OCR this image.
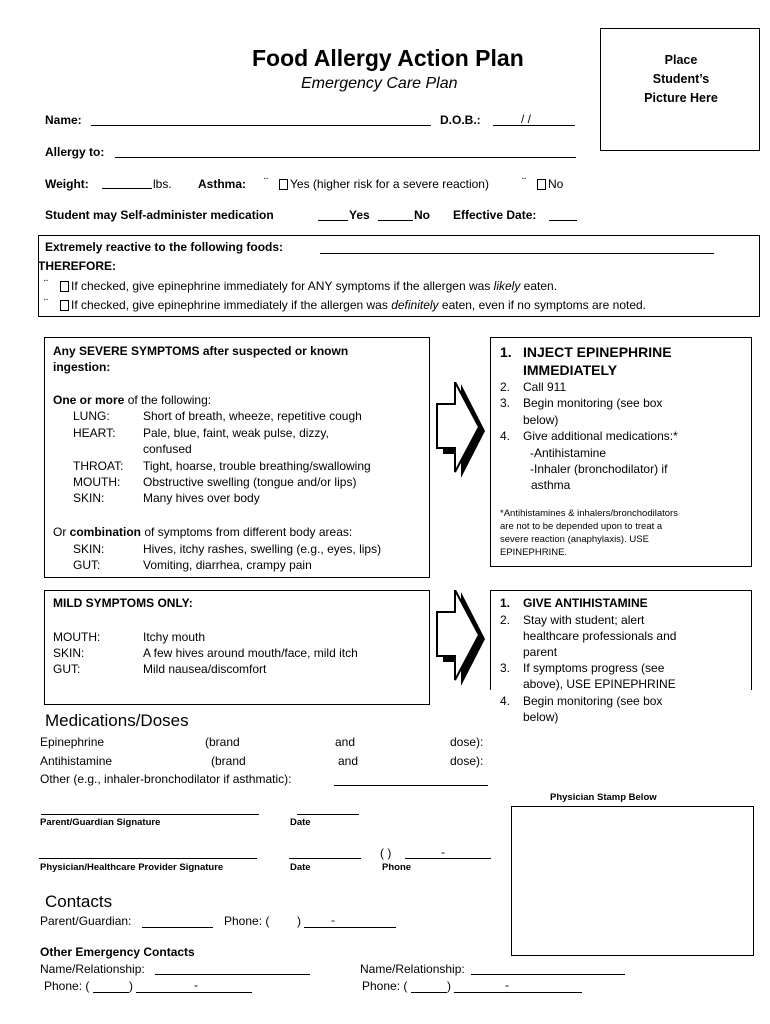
Food Allergy Action Plan
Emergency Care Plan
Place Student’s Picture Here
Name:	D.O.B.:	/ /
Allergy to:
Weight:	lbs. Asthma: ¨	Yes (higher risk for a severe reaction)	¨	No
Student may Self-administer medication	Yes	No Effective Date:
Extremely reactive to the following foods:
THEREFORE:
¨	If checked, give epinephrine immediately for ANY symptoms if the allergen was likely eaten.
¨	If checked, give epinephrine immediately if the allergen was definitely eaten, even if no symptoms are noted.
Any SEVERE SYMPTOMS after suspected or known
ingestion:
One or more of the following:
LUNG:	Short of breath, wheeze, repetitive cough
HEART: Pale, blue, faint, weak pulse, dizzy,
confused
THROAT: Tight, hoarse, trouble breathing/swallowing
MOUTH: Obstructive swelling (tongue and/or lips)
SKIN:	Many hives over body
Or combination of symptoms from different body areas:
SKIN:	Hives, itchy rashes, swelling (e.g., eyes, lips)
GUT:	Vomiting, diarrhea, crampy pain
1. INJECT EPINEPHRINE
IMMEDIATELY
2. Call 911
3. Begin monitoring (see box
below)
4. Give additional medications:*
-Antihistamine
-Inhaler (bronchodilator) if
asthma
*Antihistamines & inhalers/bronchodilators
are not to be depended upon to treat a
severe reaction (anaphylaxis). USE
EPINEPHRINE.
MILD SYMPTOMS ONLY:
MOUTH:	Itchy mouth
SKIN:	A few hives around mouth/face, mild itch
GUT:	Mild nausea/discomfort
1. GIVE ANTIHISTAMINE
2. Stay with student; alert
healthcare professionals and
parent
3. If symptoms progress (see
above), USE EPINEPHRINE
4. Begin monitoring (see box
below)
Medications/Doses
Epinephrine	(brand	and	dose):
Antihistamine	(brand	and	dose):
Other (e.g., inhaler-bronchodilator if asthmatic):
Physician Stamp Below
Parent/Guardian Signature	Date
( )	-
Physician/Healthcare Provider Signature	Date	Phone
Contacts
Parent/Guardian:	Phone: ( )	-
Other Emergency Contacts
Name/Relationship:	Name/Relationship:
Phone: (	)	-	Phone: (	)	-
